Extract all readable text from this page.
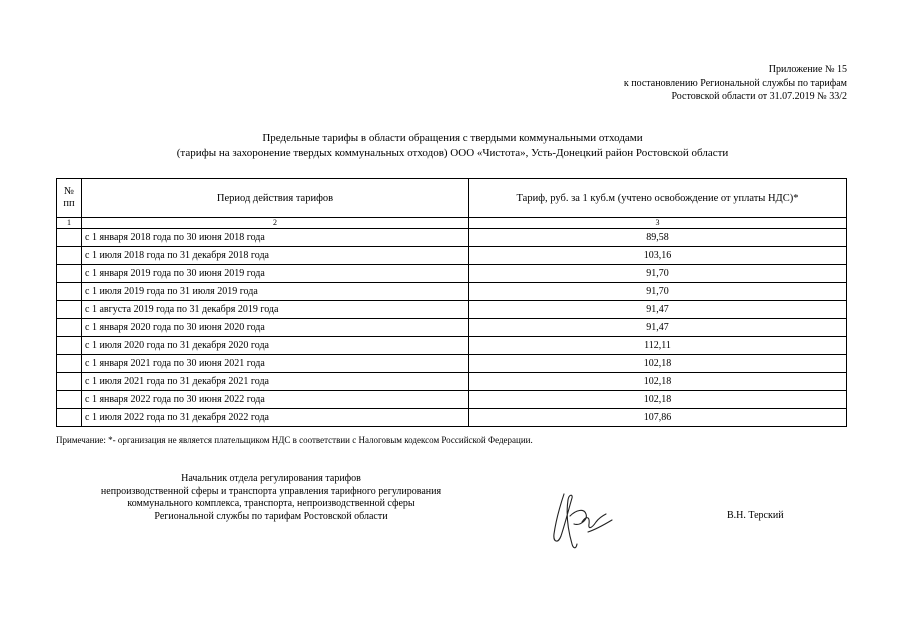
Приложение № 15
к постановлению Региональной службы по тарифам
Ростовской области от 31.07.2019 № 33/2
Предельные тарифы в области обращения с твердыми коммунальными отходами
(тарифы на захоронение твердых коммунальных отходов) ООО «Чистота», Усть-Донецкий район Ростовской области
№
пп	Период действия тарифов	Тариф, руб. за 1 куб.м (учтено освобождение от уплаты НДС)*
1	2	3
	с 1 января 2018 года по 30 июня 2018 года	89,58
	с 1 июля 2018 года по 31 декабря 2018 года	103,16
	с 1 января 2019 года по 30 июня 2019 года	91,70
	с 1 июля 2019 года по 31 июля 2019 года	91,70
	с 1 августа 2019 года по 31 декабря 2019 года	91,47
	с 1 января 2020 года по 30 июня 2020 года	91,47
	с 1 июля 2020 года по 31 декабря 2020 года	112,11
	с 1 января 2021 года по 30 июня 2021 года	102,18
	с 1 июля 2021 года по 31 декабря 2021 года	102,18
	с 1 января 2022 года по 30 июня 2022 года	102,18
	с 1 июля 2022 года по 31 декабря 2022 года	107,86
Примечание: *- организация не является плательщиком НДС в соответствии с Налоговым кодексом Российской Федерации.
Начальник отдела регулирования тарифов
непроизводственной сферы и транспорта управления тарифного регулирования
коммунального комплекса, транспорта, непроизводственной сферы
Региональной службы по тарифам Ростовской области	В.Н. Терский
